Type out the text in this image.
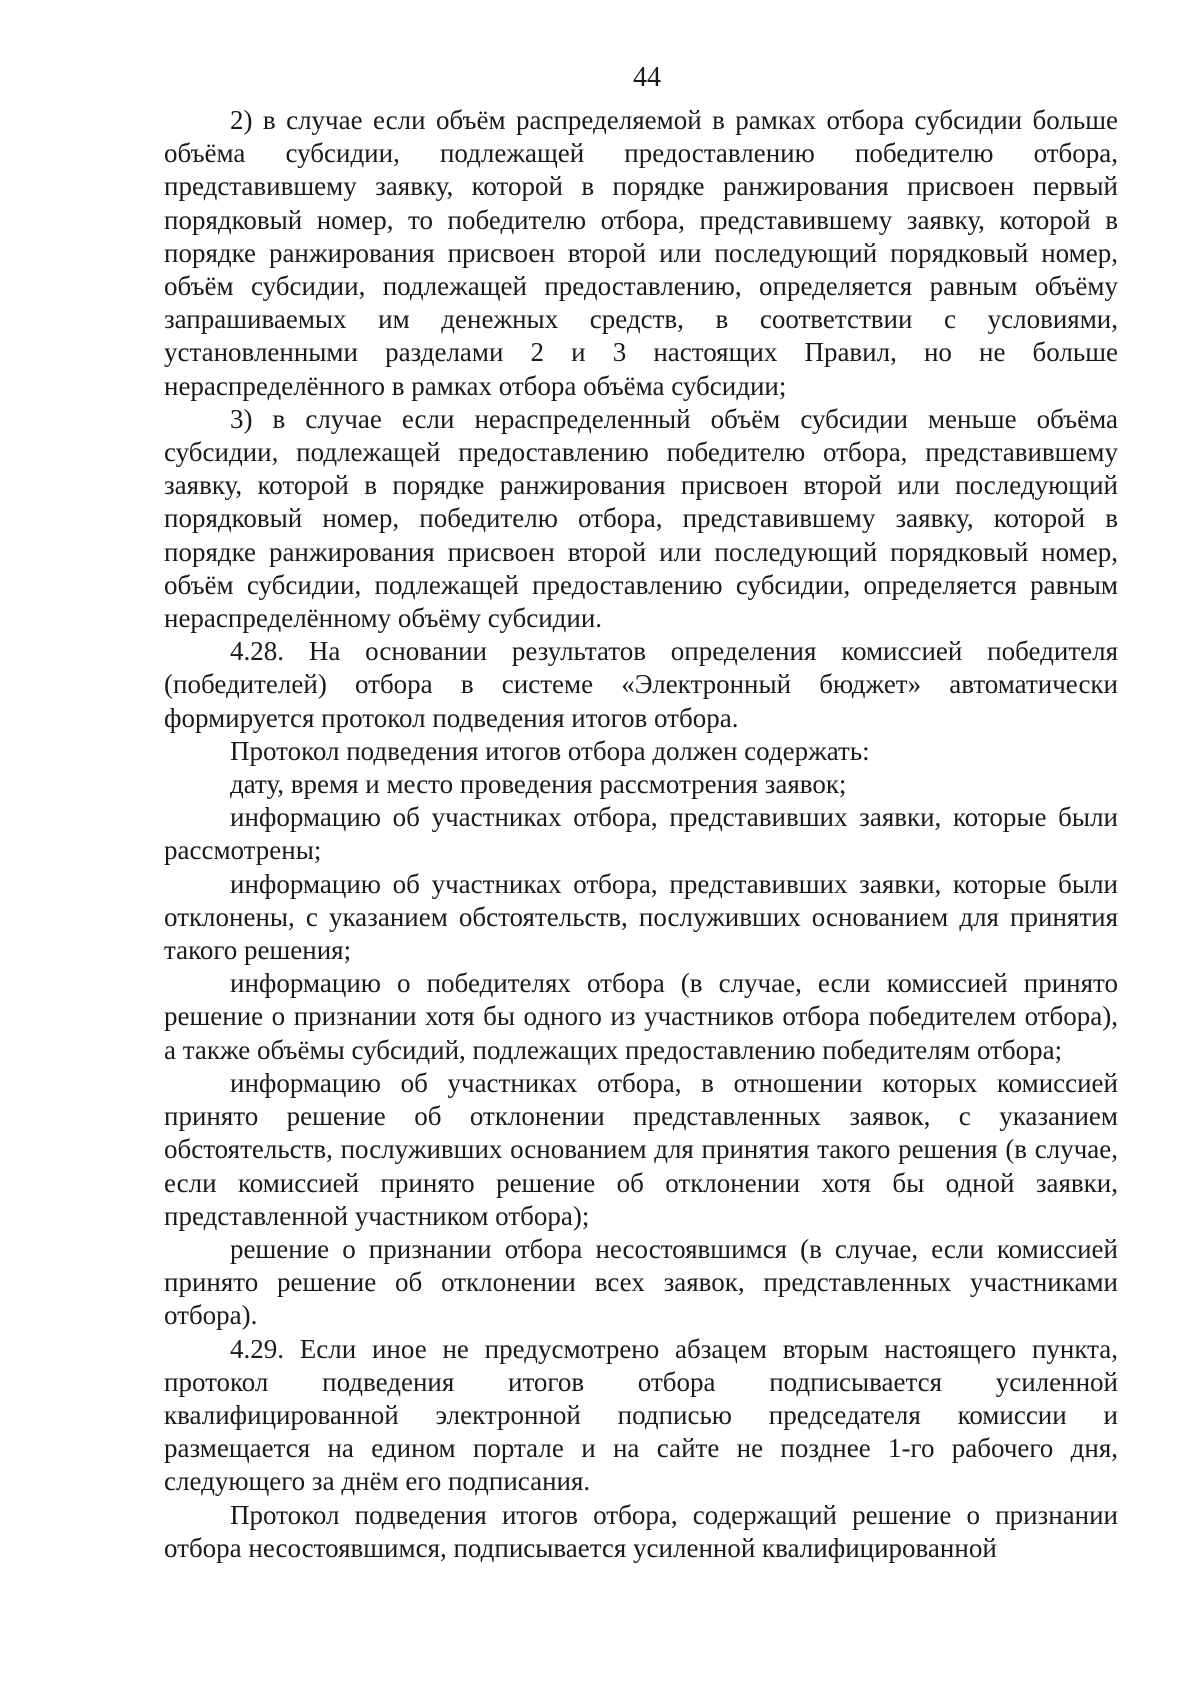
44

2) в случае если объём распределяемой в рамках отбора субсидии больше объёма субсидии, подлежащей предоставлению победителю отбора, представившему заявку, которой в порядке ранжирования присвоен первый порядковый номер, то победителю отбора, представившему заявку, которой в порядке ранжирования присвоен второй или последующий порядковый номер, объём субсидии, подлежащей предоставлению, определяется равным объёму запрашиваемых им денежных средств, в соответствии с условиями, установленными разделами 2 и 3 настоящих Правил, но не больше нераспределённого в рамках отбора объёма субсидии;

3) в случае если нераспределенный объём субсидии меньше объёма субсидии, подлежащей предоставлению победителю отбора, представившему заявку, которой в порядке ранжирования присвоен второй или последующий порядковый номер, победителю отбора, представившему заявку, которой в порядке ранжирования присвоен второй или последующий порядковый номер, объём субсидии, подлежащей предоставлению субсидии, определяется равным нераспределённому объёму субсидии.

4.28. На основании результатов определения комиссией победителя (победителей) отбора в системе «Электронный бюджет» автоматически формируется протокол подведения итогов отбора.

Протокол подведения итогов отбора должен содержать:

дату, время и место проведения рассмотрения заявок;

информацию об участниках отбора, представивших заявки, которые были рассмотрены;

информацию об участниках отбора, представивших заявки, которые были отклонены, с указанием обстоятельств, послуживших основанием для принятия такого решения;

информацию о победителях отбора (в случае, если комиссией принято решение о признании хотя бы одного из участников отбора победителем отбора), а также объёмы субсидий, подлежащих предоставлению победителям отбора;

информацию об участниках отбора, в отношении которых комиссией принято решение об отклонении представленных заявок, с указанием обстоятельств, послуживших основанием для принятия такого решения (в случае, если комиссией принято решение об отклонении хотя бы одной заявки, представленной участником отбора);

решение о признании отбора несостоявшимся (в случае, если комиссией принято решение об отклонении всех заявок, представленных участниками отбора).

4.29. Если иное не предусмотрено абзацем вторым настоящего пункта, протокол подведения итогов отбора подписывается усиленной квалифицированной электронной подписью председателя комиссии и размещается на едином портале и на сайте не позднее 1-го рабочего дня, следующего за днём его подписания.

Протокол подведения итогов отбора, содержащий решение о признании отбора несостоявшимся, подписывается усиленной квалифицированной
